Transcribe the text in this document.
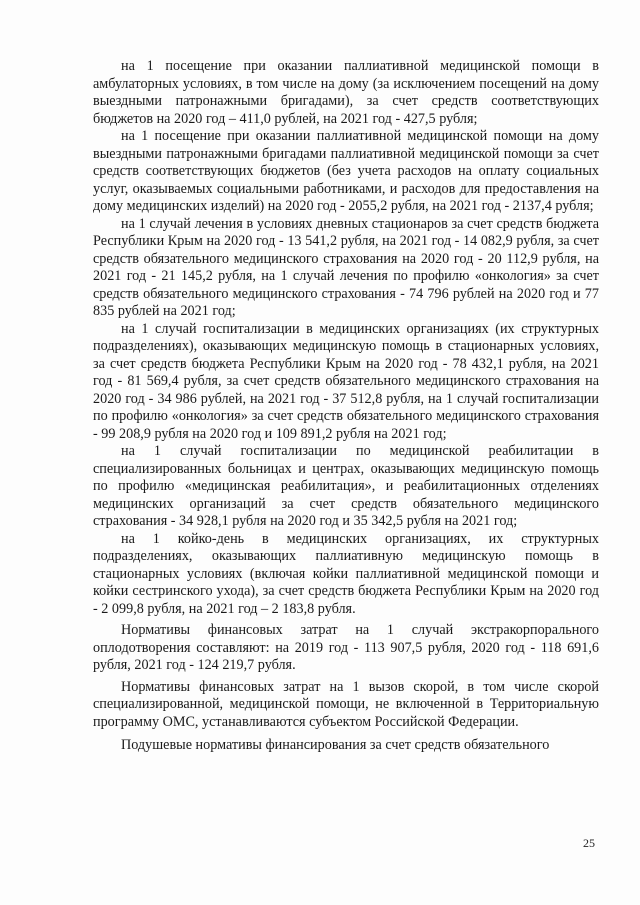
на 1 посещение при оказании паллиативной медицинской помощи в амбулаторных условиях, в том числе на дому (за исключением посещений на дому выездными патронажными бригадами), за счет средств соответствующих бюджетов на 2020 год – 411,0 рублей, на 2021 год - 427,5 рубля;

на 1 посещение при оказании паллиативной медицинской помощи на дому выездными патронажными бригадами паллиативной медицинской помощи за счет средств соответствующих бюджетов (без учета расходов на оплату социальных услуг, оказываемых социальными работниками, и расходов для предоставления на дому медицинских изделий) на 2020 год - 2055,2 рубля, на 2021 год - 2137,4 рубля;

на 1 случай лечения в условиях дневных стационаров за счет средств бюджета Республики Крым на 2020 год - 13 541,2 рубля, на 2021 год - 14 082,9 рубля, за счет средств обязательного медицинского страхования на 2020 год - 20 112,9 рубля, на 2021 год - 21 145,2 рубля, на 1 случай лечения по профилю «онкология» за счет средств обязательного медицинского страхования - 74 796 рублей на 2020 год и 77 835 рублей на 2021 год;

на 1 случай госпитализации в медицинских организациях (их структурных подразделениях), оказывающих медицинскую помощь в стационарных условиях, за счет средств бюджета Республики Крым на 2020 год - 78 432,1 рубля, на 2021 год - 81 569,4 рубля, за счет средств обязательного медицинского страхования на 2020 год - 34 986 рублей, на 2021 год - 37 512,8 рубля, на 1 случай госпитализации по профилю «онкология» за счет средств обязательного медицинского страхования - 99 208,9 рубля на 2020 год и 109 891,2 рубля на 2021 год;

на 1 случай госпитализации по медицинской реабилитации в специализированных больницах и центрах, оказывающих медицинскую помощь по профилю «медицинская реабилитация», и реабилитационных отделениях медицинских организаций за счет средств обязательного медицинского страхования - 34 928,1 рубля на 2020 год и 35 342,5 рубля на 2021 год;

на 1 койко-день в медицинских организациях, их структурных подразделениях, оказывающих паллиативную медицинскую помощь в стационарных условиях (включая койки паллиативной медицинской помощи и койки сестринского ухода), за счет средств бюджета Республики Крым на 2020 год - 2 099,8 рубля, на 2021 год – 2 183,8 рубля.

Нормативы финансовых затрат на 1 случай экстракорпорального оплодотворения составляют: на 2019 год - 113 907,5 рубля, 2020 год - 118 691,6 рубля, 2021 год - 124 219,7 рубля.

Нормативы финансовых затрат на 1 вызов скорой, в том числе скорой специализированной, медицинской помощи, не включенной в Территориальную программу ОМС, устанавливаются субъектом Российской Федерации.

Подушевые нормативы финансирования за счет средств обязательного

25
